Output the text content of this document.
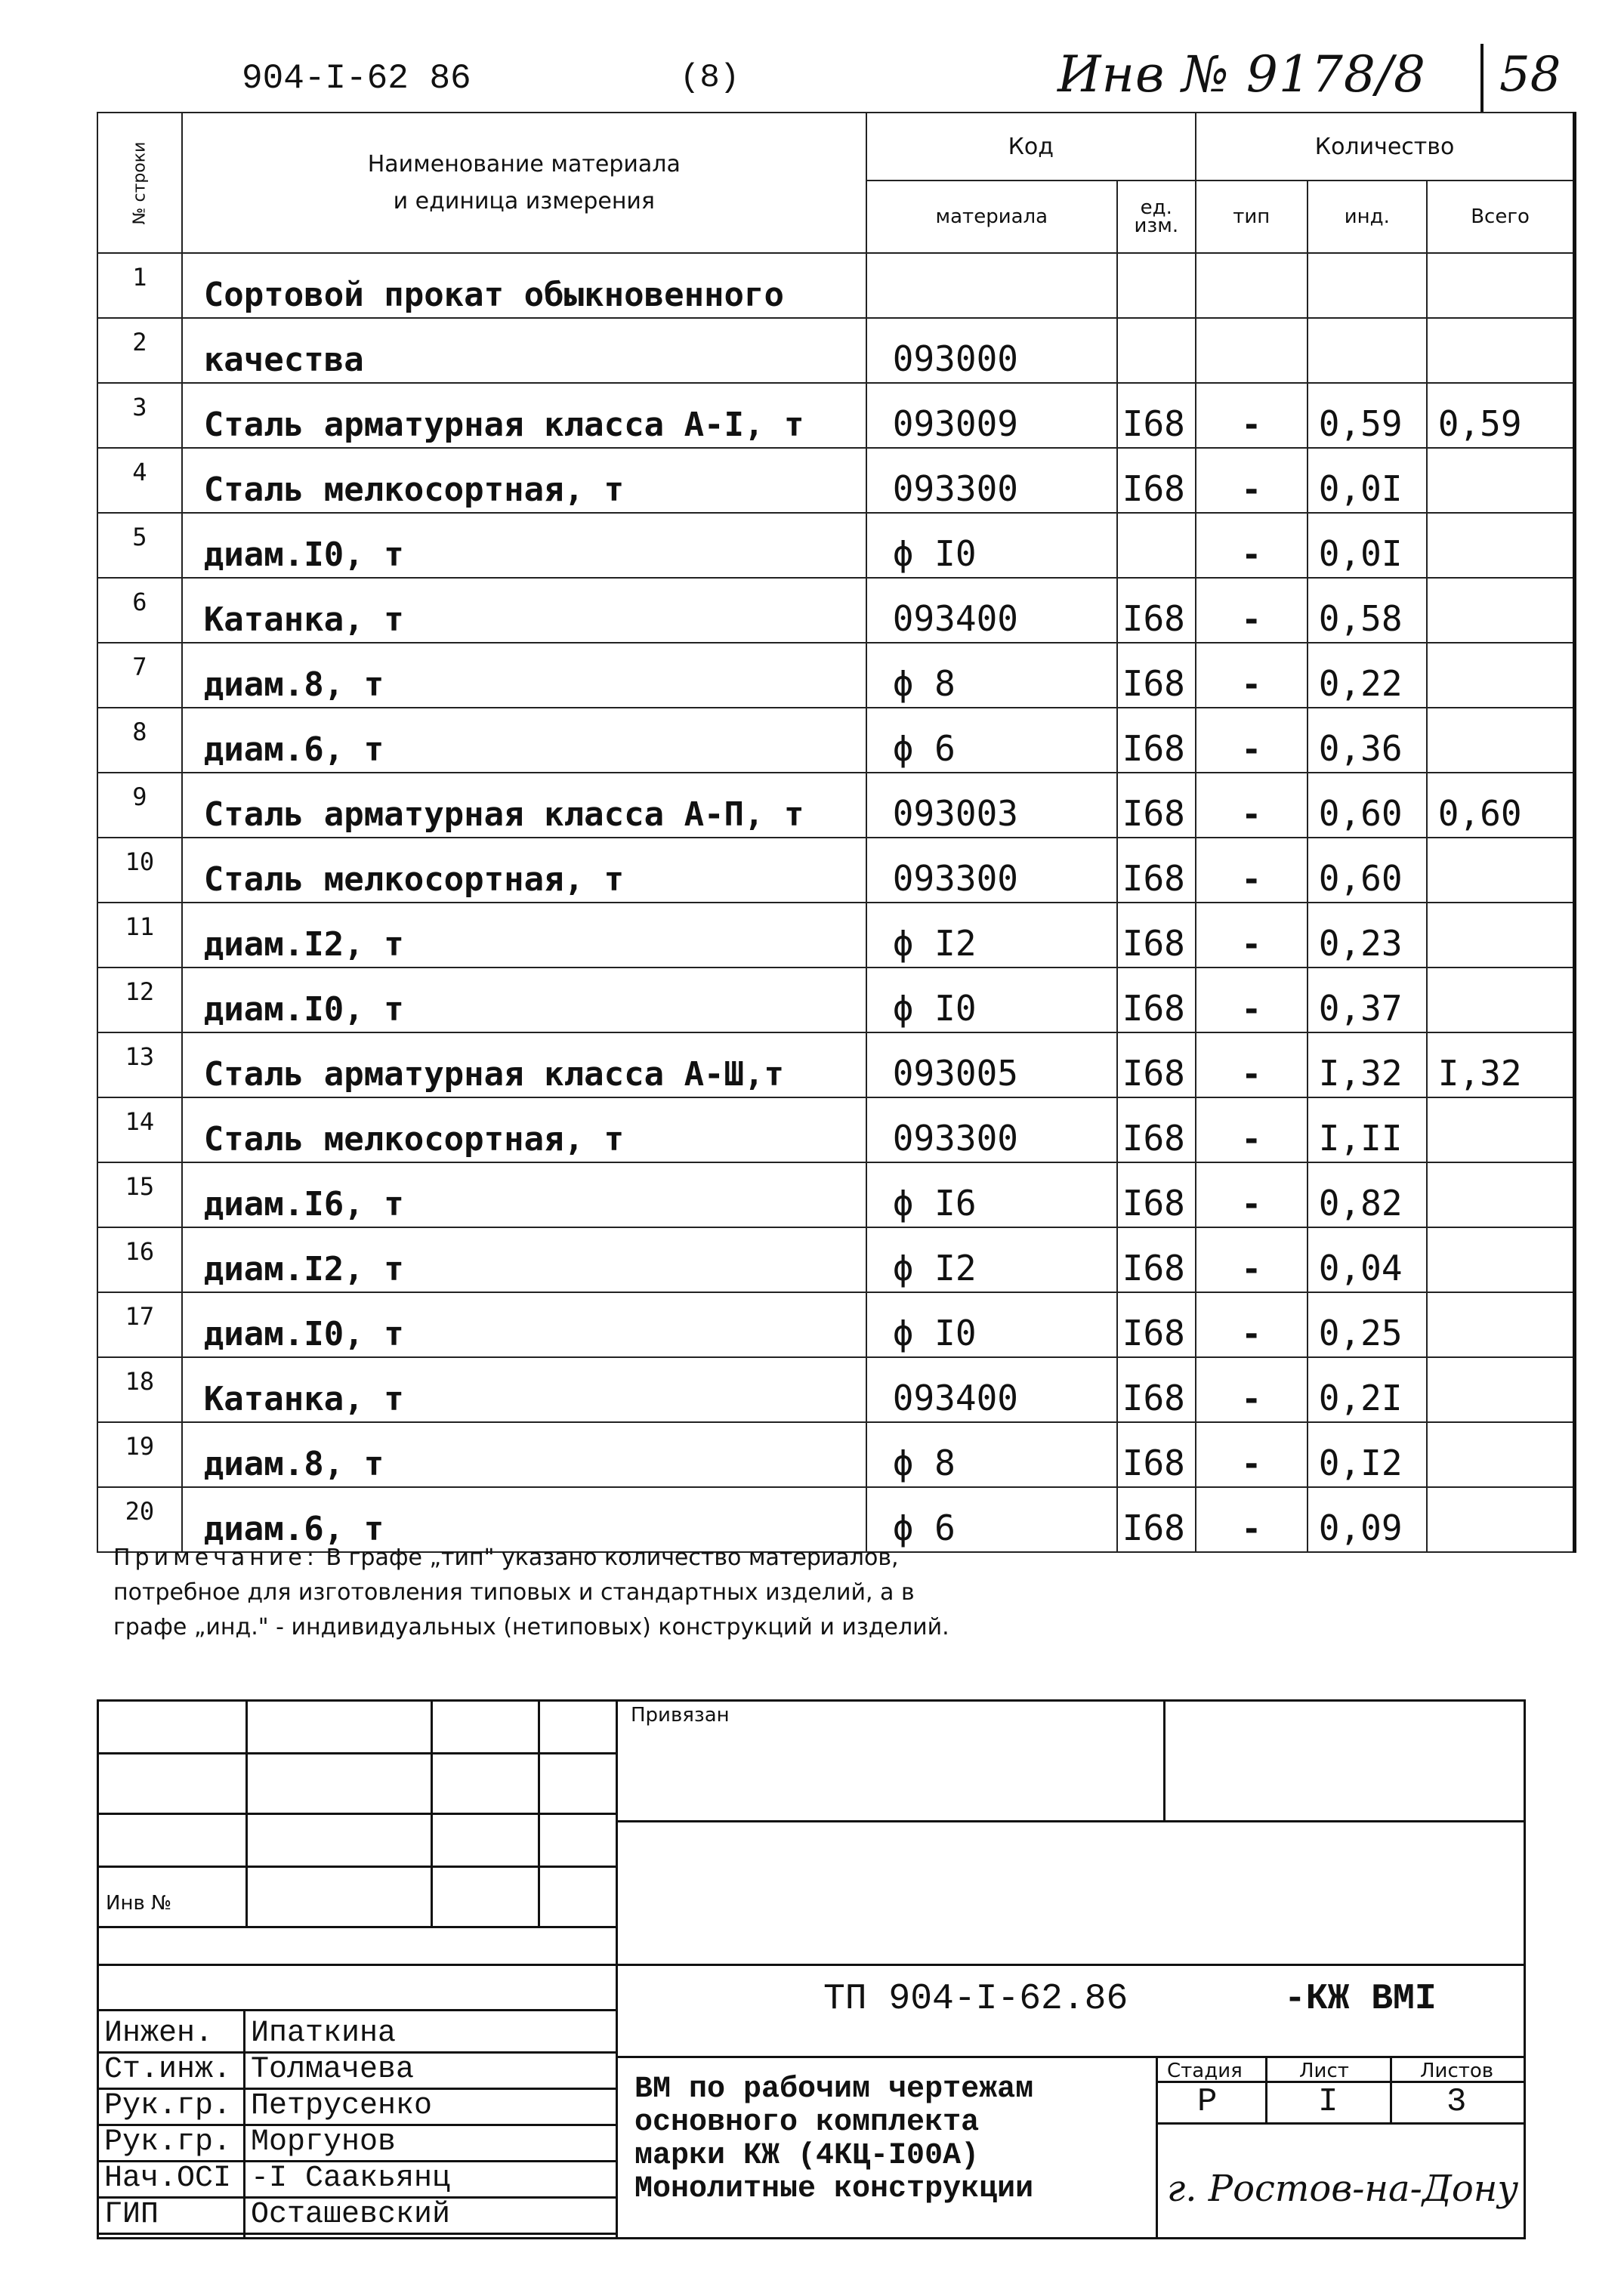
904-I-62 86	(8)	Инв № 9178/8 58
№ строки	Наименование материала
и единица измерения	Код		Количество		
		материала	ед. изм.	тип	инд.	Всего
1	Сортовой прокат обыкновенного					
2	качества	093000				
3	Сталь арматурная класса А-I, т	093009	I68	-	0,59	0,59
4	Сталь мелкосортная, т	093300	I68	-	0,0I	
5	диам.I0, т	ϕ I0		-	0,0I	
6	Катанка, т	093400	I68	-	0,58	
7	диам.8, т	ϕ 8	I68	-	0,22	
8	диам.6, т	ϕ 6	I68	-	0,36	
9	Сталь арматурная класса А-П, т	093003	I68	-	0,60	0,60
10	Сталь мелкосортная, т	093300	I68	-	0,60	
11	диам.I2, т	ϕ I2	I68	-	0,23	
12	диам.I0, т	ϕ I0	I68	-	0,37	
13	Сталь арматурная класса А-Ш,т	093005	I68	-	I,32	I,32
14	Сталь мелкосортная, т	093300	I68	-	I,II	
15	диам.I6, т	ϕ I6	I68	-	0,82	
16	диам.I2, т	ϕ I2	I68	-	0,04	
17	диам.I0, т	ϕ I0	I68	-	0,25	
18	Катанка, т	093400	I68	-	0,2I	
19	диам.8, т	ϕ 8	I68	-	0,I2	
20	диам.6, т	ϕ 6	I68	-	0,09	
Примечание: В графе „тип" указано количество материалов, потребное для изготовления типовых и стандартных изделий, а в графе „инд." - индивидуальных (нетиповых) конструкций и изделий.
Привязан
Инв №
ТП 904-I-62.86	-КЖ ВМI
Инжен. Ипаткина
Ст.инж. Толмачева
Рук.гр. Петрусенко
Рук.гр. Моргунов
Нач.ОСI -I Саакьянц
ГИП	Осташевский
ВМ по рабочим чертежам
основного комплекта
марки КЖ (4КЦ-I00А)
Монолитные конструкции
Стадия	Лист	Листов
Р	I	3
г. Ростов-на-Дону
